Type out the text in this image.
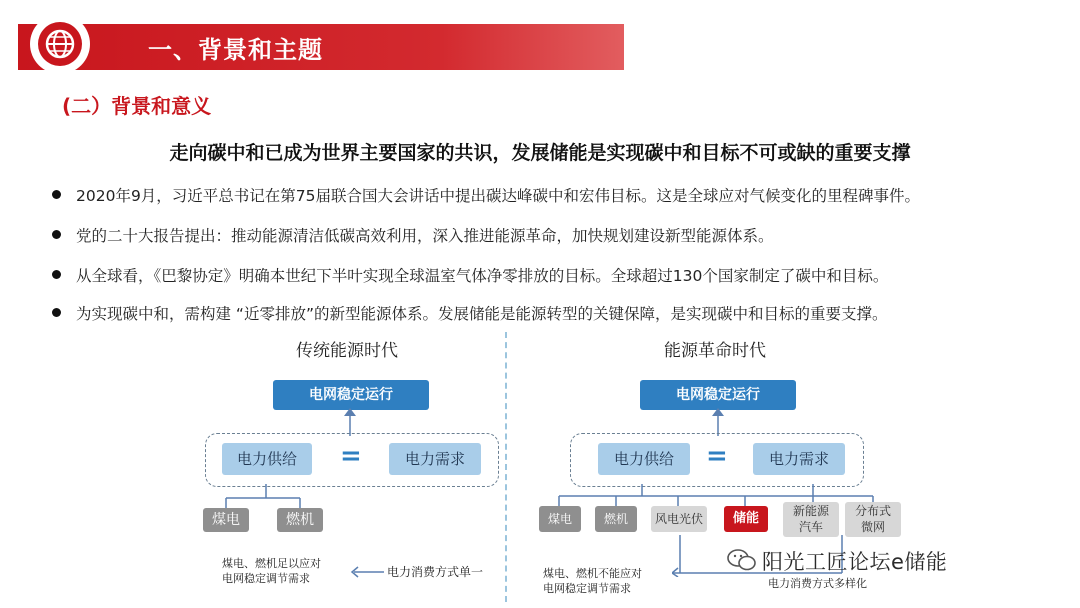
一、背景和主题
(二）背景和意义
走向碳中和已成为世界主要国家的共识，发展储能是实现碳中和目标不可或缺的重要支撑
2020年9月，习近平总书记在第75届联合国大会讲话中提出碳达峰碳中和宏伟目标。这是全球应对气候变化的里程碑事件。
党的二十大报告提出：推动能源清洁低碳高效利用，深入推进能源革命，加快规划建设新型能源体系。
从全球看，《巴黎协定》明确本世纪下半叶实现全球温室气体净零排放的目标。全球超过130个国家制定了碳中和目标。
为实现碳中和，需构建 “近零排放”的新型能源体系。发展储能是能源转型的关键保障，是实现碳中和目标的重要支撑。
传统能源时代
电网稳定运行
电力供给	=	电力需求
煤电	燃机
煤电、燃机足以应对
电网稳定调节需求	电力消费方式单一
能源革命时代
电网稳定运行
电力供给	=	电力需求
煤电	燃机	风电光伏	储能	新能源
汽车
分布式
微网
煤电、燃机不能应对
电网稳定调节需求	电力消费方式多样化
阳光工匠论坛e储能
